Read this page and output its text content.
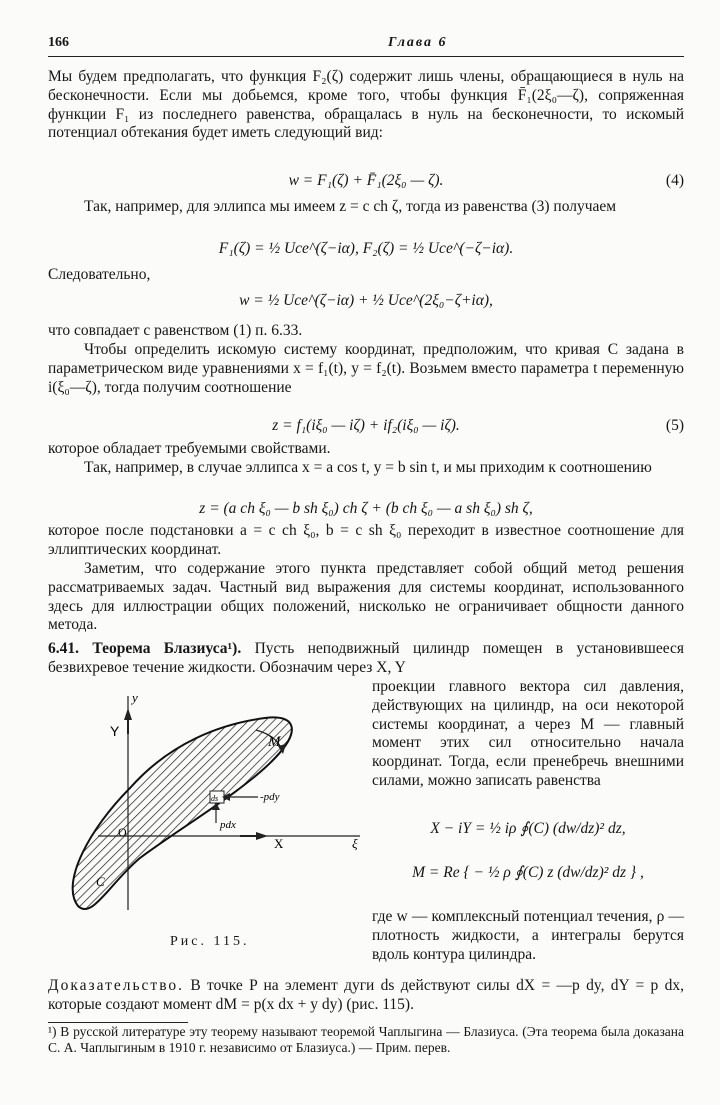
166	Глава 6

Мы будем предполагать, что функция F₂(ζ) содержит лишь члены, обращающиеся в нуль на бесконечности. Если мы добьемся, кроме того, чтобы функция F̄₁(2ξ₀—ζ), сопряженная функции F₁ из последнего равенства, обращалась в нуль на бесконечности, то искомый потенциал обтекания будет иметь следующий вид:

w = F₁(ζ) + F̄₁(2ξ₀ — ζ).	(4)

Так, например, для эллипса мы имеем z = c ch ζ, тогда из равенства (3) получаем

F₁(ζ) = ½ Uce^(ζ−iα), F₂(ζ) = ½ Uce^(−ζ−iα).

Следовательно,

w = ½ Uce^(ζ−iα) + ½ Uce^(2ξ₀−ζ+iα),

что совпадает с равенством (1) п. 6.33.

Чтобы определить искомую систему координат, предположим, что кривая C задана в параметрическом виде уравнениями x = f₁(t), y = f₂(t). Возьмем вместо параметра t переменную i(ξ₀—ζ), тогда получим соотношение

z = f₁(iξ₀ — iζ) + if₂(iξ₀ — iζ).	(5)

которое обладает требуемыми свойствами.

Так, например, в случае эллипса x = a cos t, y = b sin t, и мы приходим к соотношению

z = (a ch ξ₀ — b sh ξ₀) ch ζ + (b ch ξ₀ — a sh ξ₀) sh ζ,

которое после подстановки a = c ch ξ₀, b = c sh ξ₀ переходит в известное соотношение для эллиптических координат.

Заметим, что содержание этого пункта представляет собой общий метод решения рассматриваемых задач. Частный вид выражения для системы координат, использованного здесь для иллюстрации общих положений, нисколько не ограничивает общности данного метода.

6.41. Теорема Блазиуса¹). Пусть неподвижный цилиндр помещен в установившееся безвихревое течение жидкости. Обозначим через X, Y

y
Y
M
-pdy
pdx
ds
O
X	ξ
C
Рис. 115.

проекции главного вектора сил давления, действующих на цилиндр, на оси некоторой системы координат, а через M — главный момент этих сил относительно начала координат. Тогда, если пренебречь внешними силами, можно записать равенства

X − iY = ½ iρ ∮(C) (dw/dz)² dz,
M = Re { − ½ ρ ∮(C) z (dw/dz)² dz } ,

где w — комплексный потенциал течения, ρ — плотность жидкости, а интегралы берутся вдоль контура цилиндра.

Доказательство. В точке P на элемент дуги ds действуют силы dX = —p dy, dY = p dx, которые создают момент dM = p(x dx + y dy) (рис. 115).

¹) В русской литературе эту теорему называют теоремой Чаплыгина — Блазиуса. (Эта теорема была доказана С. А. Чаплыгиным в 1910 г. независимо от Блазиуса.) — Прим. перев.
